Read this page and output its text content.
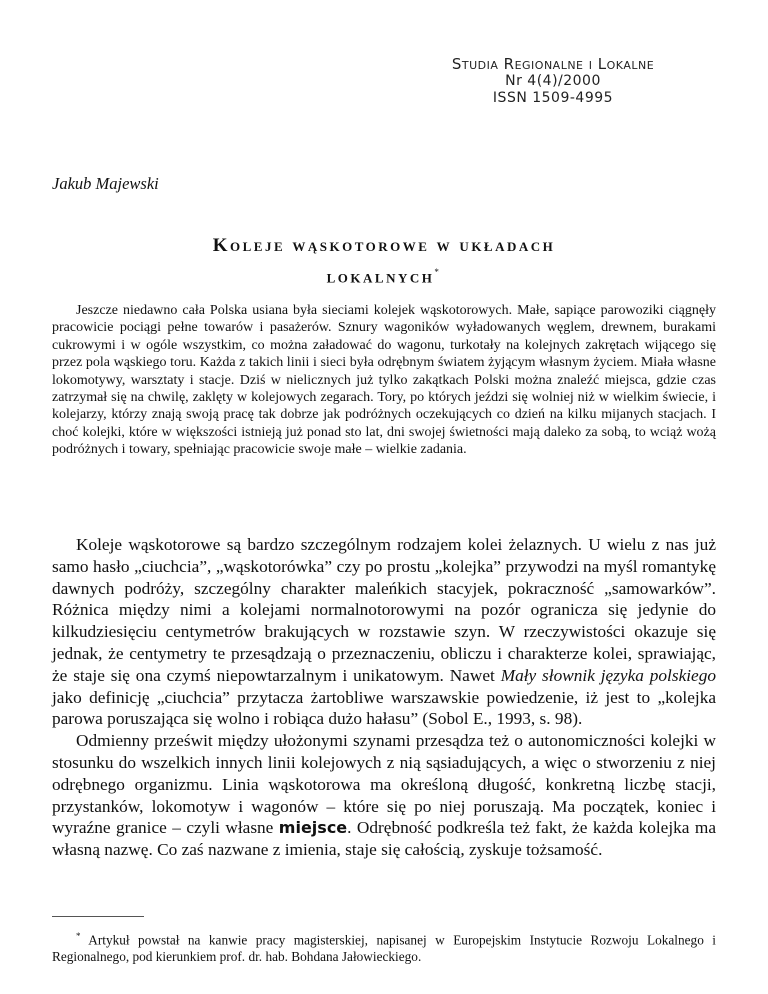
Studia Regionalne i Lokalne
Nr 4(4)/2000
ISSN 1509-4995
Jakub Majewski
Koleje wąskotorowe w układach
lokalnych*

Jeszcze niedawno cała Polska usiana była sieciami kolejek wąskotorowych. Małe, sapiące parowoziki ciągnęły pracowicie pociągi pełne towarów i pasażerów. Sznury wagoników wyładowanych węglem, drewnem, burakami cukrowymi i w ogóle wszystkim, co można załadować do wagonu, turkotały na kolejnych zakrętach wijącego się przez pola wąskiego toru. Każda z takich linii i sieci była odrębnym światem żyjącym własnym życiem. Miała własne lokomotywy, warsztaty i stacje. Dziś w nielicznych już tylko zakątkach Polski można znaleźć miejsca, gdzie czas zatrzymał się na chwilę, zaklęty w kolejowych zegarach. Tory, po których jeździ się wolniej niż w wielkim świecie, i kolejarzy, którzy znają swoją pracę tak dobrze jak podróżnych oczekujących co dzień na kilku mijanych stacjach. I choć kolejki, które w większości istnieją już ponad sto lat, dni swojej świetności mają daleko za sobą, to wciąż wożą podróżnych i towary, spełniając pracowicie swoje małe – wielkie zadania.

Koleje wąskotorowe są bardzo szczególnym rodzajem kolei żelaznych. U wielu z nas już samo hasło „ciuchcia”, „wąskotorówka” czy po prostu „kolejka” przywodzi na myśl romantykę dawnych podróży, szczególny charakter maleńkich stacyjek, pokraczność „samowarków”. Różnica między nimi a kolejami normalnotorowymi na pozór ogranicza się jedynie do kilkudziesięciu centymetrów brakujących w rozstawie szyn. W rzeczywistości okazuje się jednak, że centymetry te przesądzają o przeznaczeniu, obliczu i charakterze kolei, sprawiając, że staje się ona czymś niepowtarzalnym i unikatowym. Nawet Mały słownik języka polskiego jako definicję „ciuchcia” przytacza żartobliwe warszawskie powiedzenie, iż jest to „kolejka parowa poruszająca się wolno i robiąca dużo hałasu” (Sobol E., 1993, s. 98).

Odmienny prześwit między ułożonymi szynami przesądza też o autonomiczności kolejki w stosunku do wszelkich innych linii kolejowych z nią sąsiadujących, a więc o stworzeniu z niej odrębnego organizmu. Linia wąskotorowa ma określoną długość, konkretną liczbę stacji, przystanków, lokomotyw i wagonów – które się po niej poruszają. Ma początek, koniec i wyraźne granice – czyli własne miejsce. Odrębność podkreśla też fakt, że każda kolejka ma własną nazwę. Co zaś nazwane z imienia, staje się całością, zyskuje tożsamość.

* Artykuł powstał na kanwie pracy magisterskiej, napisanej w Europejskim Instytucie Rozwoju Lokalnego i Regionalnego, pod kierunkiem prof. dr. hab. Bohdana Jałowieckiego.
